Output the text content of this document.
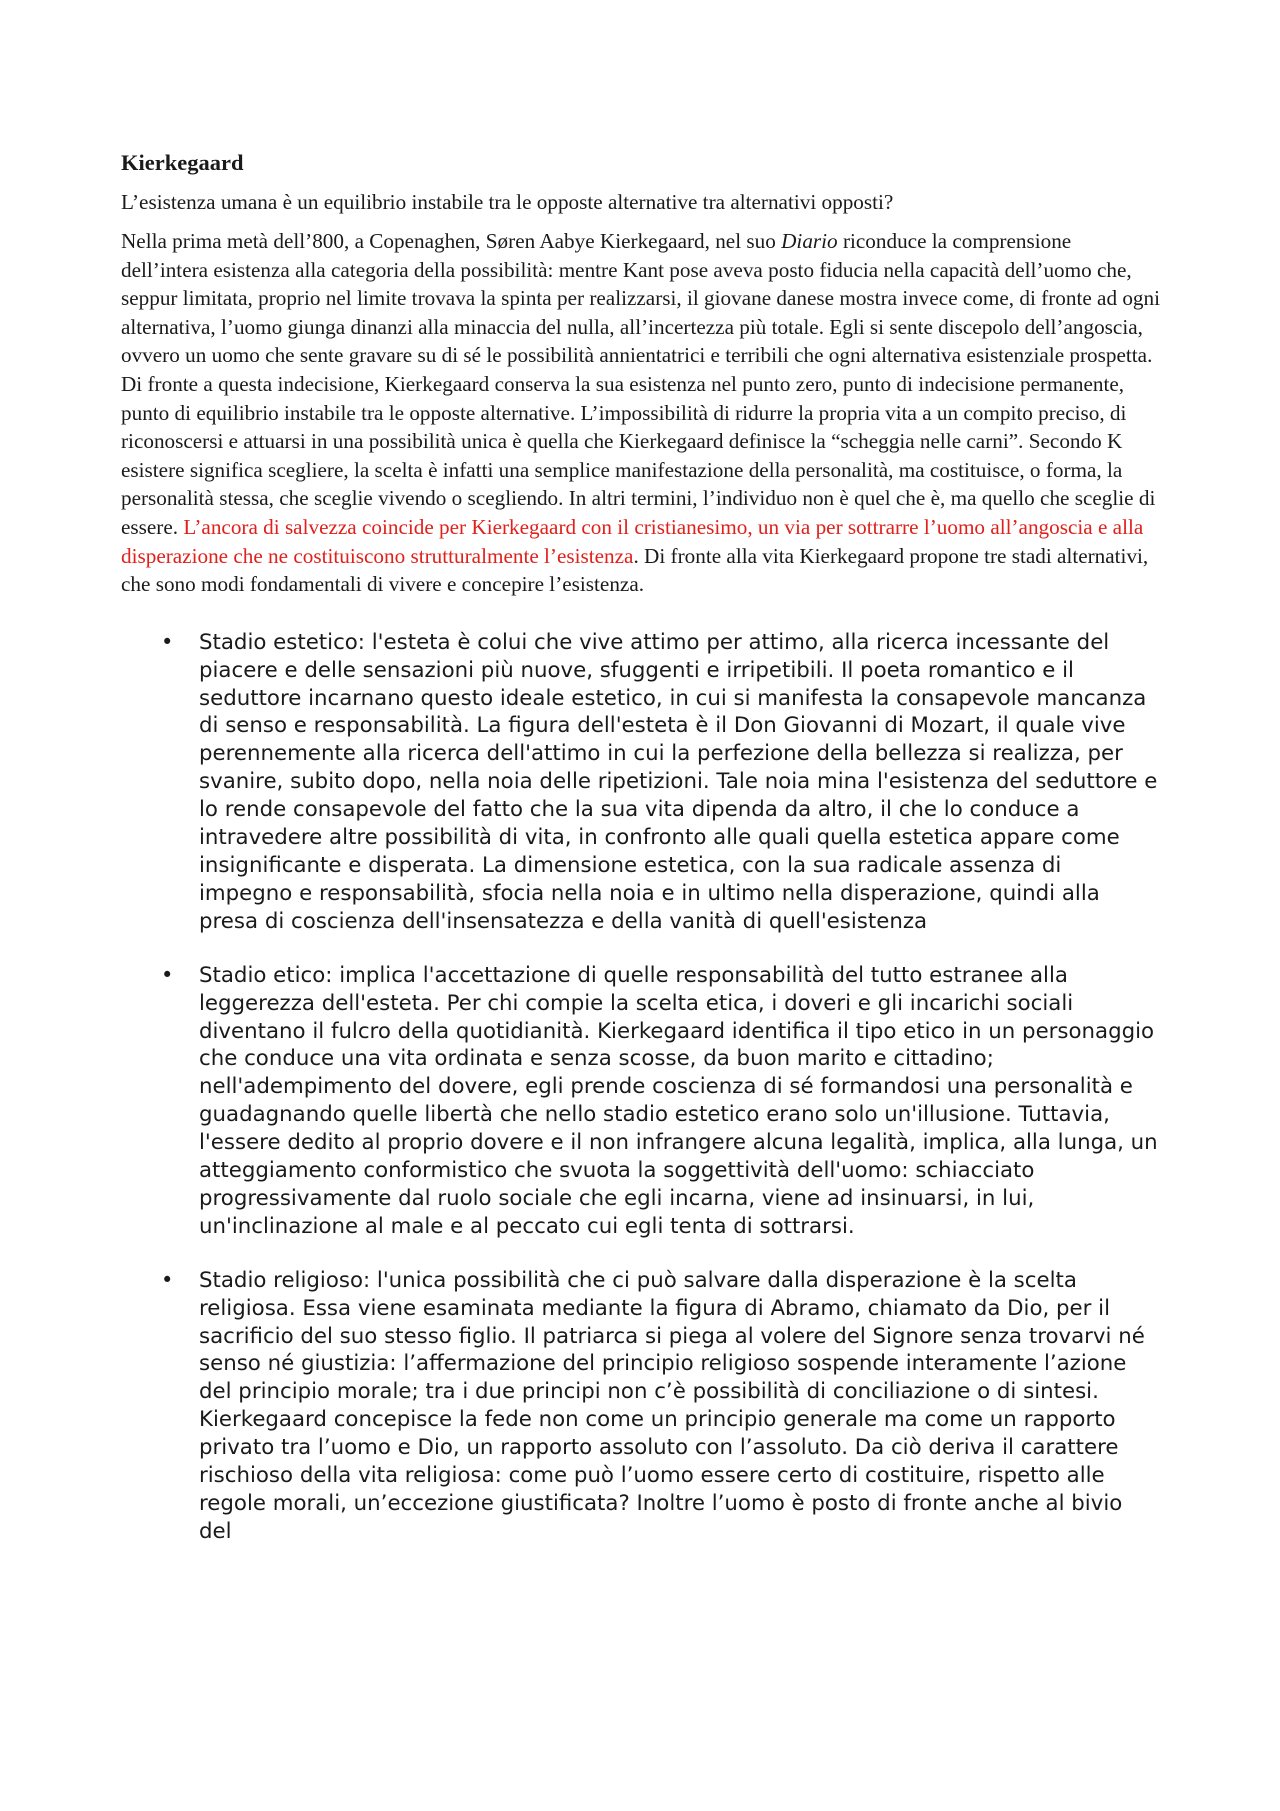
Kierkegaard

L’esistenza umana è un equilibrio instabile tra le opposte alternative tra alternativi opposti?

Nella prima metà dell’800, a Copenaghen, Søren Aabye Kierkegaard, nel suo Diario riconduce la comprensione dell’intera esistenza alla categoria della possibilità: mentre Kant pose aveva posto fiducia nella capacità dell’uomo che, seppur limitata, proprio nel limite trovava la spinta per realizzarsi, il giovane danese mostra invece come, di fronte ad ogni alternativa, l’uomo giunga dinanzi alla minaccia del nulla, all’incertezza più totale. Egli si sente discepolo dell’angoscia, ovvero un uomo che sente gravare su di sé le possibilità annientatrici e terribili che ogni alternativa esistenziale prospetta. Di fronte a questa indecisione, Kierkegaard conserva la sua esistenza nel punto zero, punto di indecisione permanente, punto di equilibrio instabile tra le opposte alternative. L’impossibilità di ridurre la propria vita a un compito preciso, di riconoscersi e attuarsi in una possibilità unica è quella che Kierkegaard definisce la “scheggia nelle carni”. Secondo K esistere significa scegliere, la scelta è infatti una semplice manifestazione della personalità, ma costituisce, o forma, la personalità stessa, che sceglie vivendo o scegliendo. In altri termini, l’individuo non è quel che è, ma quello che sceglie di essere. L’ancora di salvezza coincide per Kierkegaard con il cristianesimo, un via per sottrarre l’uomo all’angoscia e alla disperazione che ne costituiscono strutturalmente l’esistenza. Di fronte alla vita Kierkegaard propone tre stadi alternativi, che sono modi fondamentali di vivere e concepire l’esistenza.

• Stadio estetico: l'esteta è colui che vive attimo per attimo, alla ricerca incessante del piacere e delle sensazioni più nuove, sfuggenti e irripetibili. Il poeta romantico e il seduttore incarnano questo ideale estetico, in cui si manifesta la consapevole mancanza di senso e responsabilità. La figura dell'esteta è il Don Giovanni di Mozart, il quale vive perennemente alla ricerca dell'attimo in cui la perfezione della bellezza si realizza, per svanire, subito dopo, nella noia delle ripetizioni. Tale noia mina l'esistenza del seduttore e lo rende consapevole del fatto che la sua vita dipenda da altro, il che lo conduce a intravedere altre possibilità di vita, in confronto alle quali quella estetica appare come insignificante e disperata. La dimensione estetica, con la sua radicale assenza di impegno e responsabilità, sfocia nella noia e in ultimo nella disperazione, quindi alla presa di coscienza dell'insensatezza e della vanità di quell'esistenza
• Stadio etico: implica l'accettazione di quelle responsabilità del tutto estranee alla leggerezza dell'esteta. Per chi compie la scelta etica, i doveri e gli incarichi sociali diventano il fulcro della quotidianità. Kierkegaard identifica il tipo etico in un personaggio che conduce una vita ordinata e senza scosse, da buon marito e cittadino; nell'adempimento del dovere, egli prende coscienza di sé formandosi una personalità e guadagnando quelle libertà che nello stadio estetico erano solo un'illusione. Tuttavia, l'essere dedito al proprio dovere e il non infrangere alcuna legalità, implica, alla lunga, un atteggiamento conformistico che svuota la soggettività dell'uomo: schiacciato progressivamente dal ruolo sociale che egli incarna, viene ad insinuarsi, in lui, un'inclinazione al male e al peccato cui egli tenta di sottrarsi.
• Stadio religioso: l'unica possibilità che ci può salvare dalla disperazione è la scelta religiosa. Essa viene esaminata mediante la figura di Abramo, chiamato da Dio, per il sacrificio del suo stesso figlio. Il patriarca si piega al volere del Signore senza trovarvi né senso né giustizia: l’affermazione del principio religioso sospende interamente l’azione del principio morale; tra i due principi non c’è possibilità di conciliazione o di sintesi. Kierkegaard concepisce la fede non come un principio generale ma come un rapporto privato tra l’uomo e Dio, un rapporto assoluto con l’assoluto. Da ciò deriva il carattere rischioso della vita religiosa: come può l’uomo essere certo di costituire, rispetto alle regole morali, un’eccezione giustificata? Inoltre l’uomo è posto di fronte anche al bivio del
